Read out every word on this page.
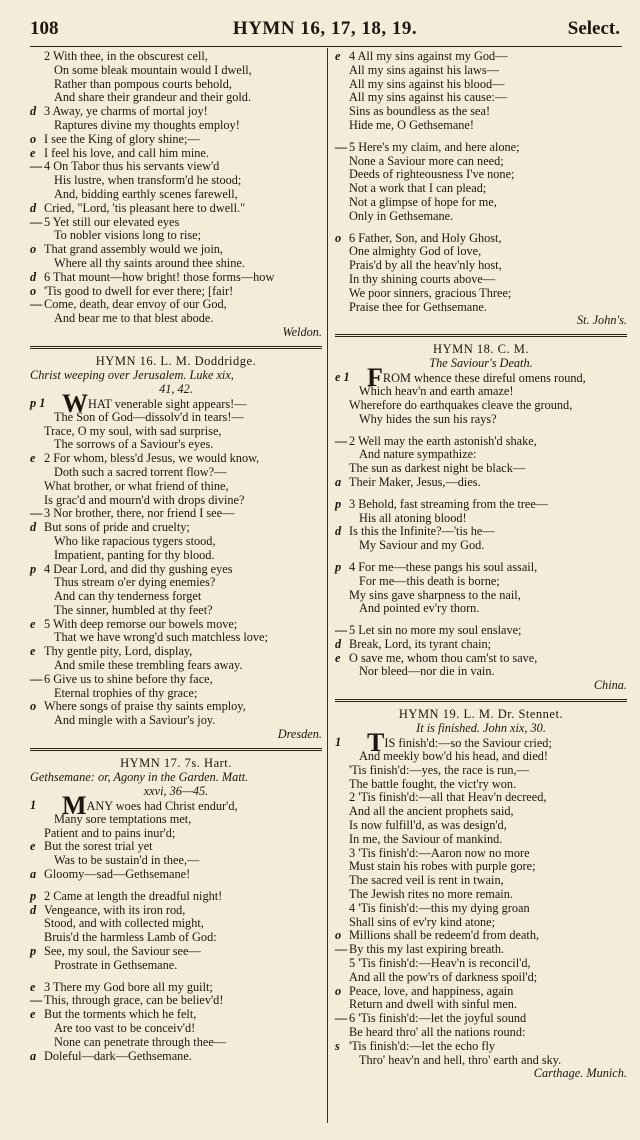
108	HYMN 16, 17, 18, 19.	Select.
2 With thee, in the obscurest cell,
On some bleak mountain would I dwell,
Rather than pompous courts behold,
And share their grandeur and their gold.
d 3 Away, ye charms of mortal joy!
Raptures divine my thoughts employ!
o I see the King of glory shine;—
e I feel his love, and call him mine.
— 4 On Tabor thus his servants view'd
His lustre, when transform'd he stood;
And, bidding earthly scenes farewell,
d Cried, "Lord, 'tis pleasant here to dwell."
— 5 Yet still our elevated eyes
To nobler visions long to rise;
o That grand assembly would we join,
Where all thy saints around thee shine.
d 6 That mount—how bright! those forms—how
o 'Tis good to dwell for ever there; [fair!
— Come, death, dear envoy of our God,
And bear me to that blest abode.
Weldon.
HYMN 16. L. M. Doddridge.
Christ weeping over Jerusalem. Luke xix,
41, 42.
p 1 WHAT venerable sight appears!—
The Son of God—dissolv'd in tears!—
Trace, O my soul, with sad surprise,
The sorrows of a Saviour's eyes.
e 2 For whom, bless'd Jesus, we would know,
Doth such a sacred torrent flow?—
What brother, or what friend of thine,
Is grac'd and mourn'd with drops divine?
— 3 Nor brother, there, nor friend I see—
d But sons of pride and cruelty;
Who like rapacious tygers stood,
Impatient, panting for thy blood.
p 4 Dear Lord, and did thy gushing eyes
Thus stream o'er dying enemies?
And can thy tenderness forget
The sinner, humbled at thy feet?
e 5 With deep remorse our bowels move;
That we have wrong'd such matchless love;
e Thy gentle pity, Lord, display,
And smile these trembling fears away.
— 6 Give us to shine before thy face,
Eternal trophies of thy grace;
o Where songs of praise thy saints employ,
And mingle with a Saviour's joy.
Dresden.
HYMN 17. 7s. Hart.
Gethsemane: or, Agony in the Garden. Matt.
xxvi, 36—45.
1 MANY woes had Christ endur'd,
Many sore temptations met,
Patient and to pains inur'd;
e But the sorest trial yet
Was to be sustain'd in thee,—
a Gloomy—sad—Gethsemane!
p 2 Came at length the dreadful night!
d Vengeance, with its iron rod,
Stood, and with collected might,
Bruis'd the harmless Lamb of God:
p See, my soul, the Saviour see—
Prostrate in Gethsemane.
e 3 There my God bore all my guilt;
— This, through grace, can be believ'd!
e But the torments which he felt,
Are too vast to be conceiv'd!
None can penetrate through thee—
a Doleful—dark—Gethsemane.
e 4 All my sins against my God—
All my sins against his laws—
All my sins against his blood—
All my sins against his cause:—
Sins as boundless as the sea!
Hide me, O Gethsemane!
— 5 Here's my claim, and here alone;
None a Saviour more can need;
Deeds of righteousness I've none;
Not a work that I can plead;
Not a glimpse of hope for me,
Only in Gethsemane.
o 6 Father, Son, and Holy Ghost,
One almighty God of love,
Prais'd by all the heav'nly host,
In thy shining courts above—
We poor sinners, gracious Three;
Praise thee for Gethsemane.
St. John's.
HYMN 18. C. M.
The Saviour's Death.
e 1 FROM whence these direful omens round,
Which heav'n and earth amaze!
Wherefore do earthquakes cleave the ground,
Why hides the sun his rays?
— 2 Well may the earth astonish'd shake,
And nature sympathize:
The sun as darkest night be black—
a Their Maker, Jesus,—dies.
p 3 Behold, fast streaming from the tree—
His all atoning blood!
d Is this the Infinite?—'tis he—
My Saviour and my God.
p 4 For me—these pangs his soul assail,
For me—this death is borne;
My sins gave sharpness to the nail,
And pointed ev'ry thorn.
— 5 Let sin no more my soul enslave;
d Break, Lord, its tyrant chain;
e O save me, whom thou cam'st to save,
Nor bleed—nor die in vain.
China.
HYMN 19. L. M. Dr. Stennet.
It is finished. John xix, 30.
1 TIS finish'd:—so the Saviour cried;
And meekly bow'd his head, and died!
'Tis finish'd:—yes, the race is run,—
The battle fought, the vict'ry won.
2 'Tis finish'd:—all that Heav'n decreed,
And all the ancient prophets said,
Is now fulfill'd, as was design'd,
In me, the Saviour of mankind.
3 'Tis finish'd:—Aaron now no more
Must stain his robes with purple gore;
The sacred veil is rent in twain,
The Jewish rites no more remain.
4 'Tis finish'd:—this my dying groan
Shall sins of ev'ry kind atone;
o Millions shall be redeem'd from death,
— By this my last expiring breath.
5 'Tis finish'd:—Heav'n is reconcil'd,
And all the pow'rs of darkness spoil'd;
o Peace, love, and happiness, again
Return and dwell with sinful men.
— 6 'Tis finish'd:—let the joyful sound
Be heard thro' all the nations round:
s 'Tis finish'd:—let the echo fly
Thro' heav'n and hell, thro' earth and sky.
Carthage. Munich.
